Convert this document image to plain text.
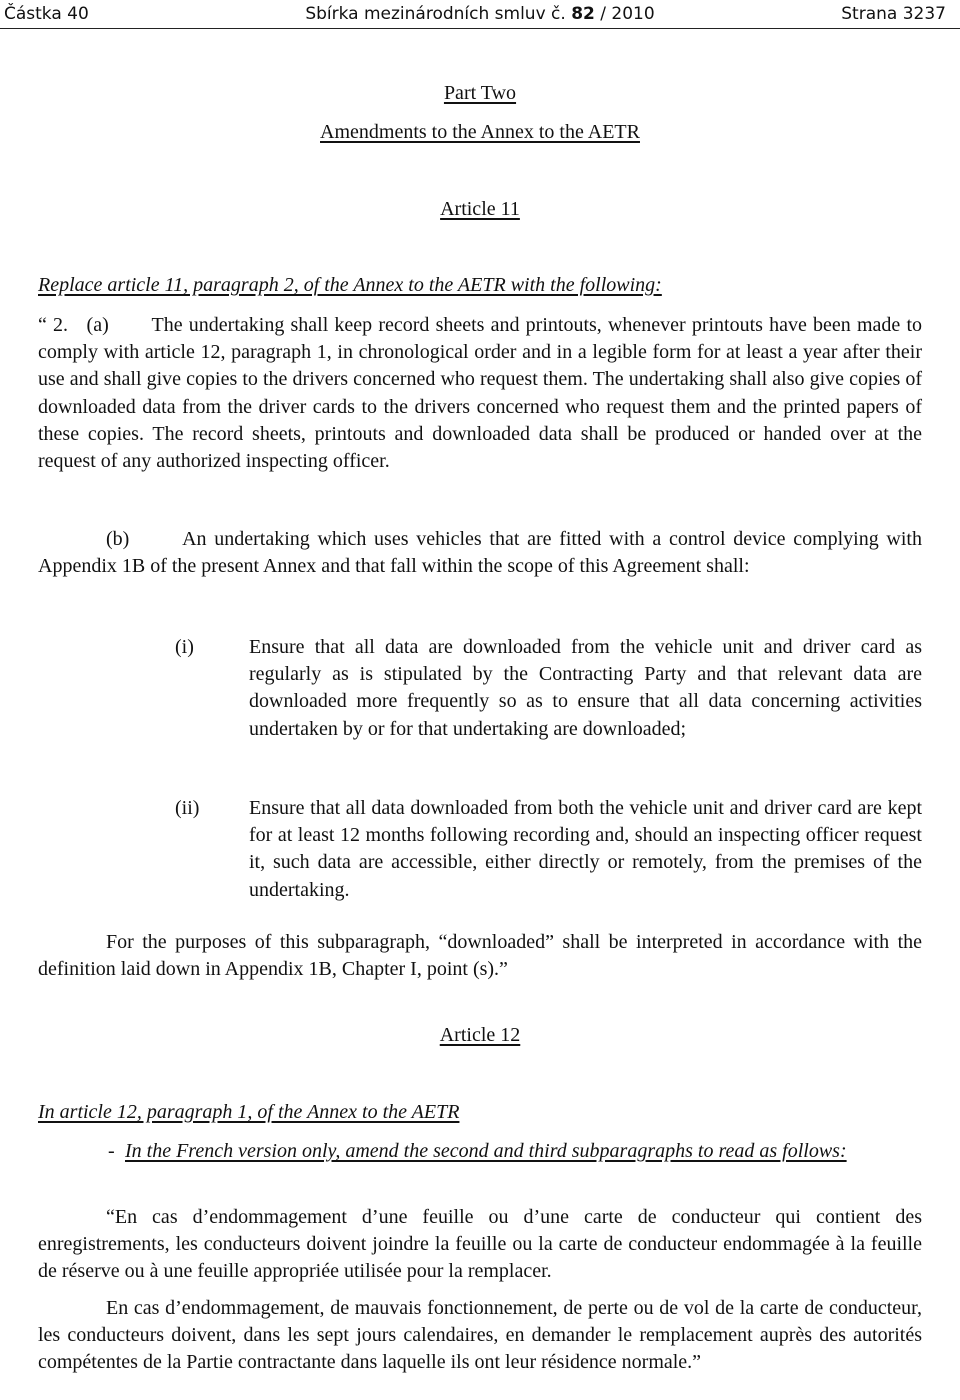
Částka 40	Sbírka mezinárodních smluv č. 82 / 2010	Strana 3237
Part Two
Amendments to the Annex to the AETR
Article 11
Replace article 11, paragraph 2, of the Annex to the AETR with the following:
“ 2.   (a)       The undertaking shall keep record sheets and printouts, whenever printouts have been made to comply with article 12, paragraph 1, in chronological order and in a legible form for at least a year after their use and shall give copies to the drivers concerned who request them. The undertaking shall also give copies of downloaded data from the driver cards to the drivers concerned who request them and the printed papers of these copies. The record sheets, printouts and downloaded data shall be produced or handed over at the request of any authorized inspecting officer.
(b)       An undertaking which uses vehicles that are fitted with a control device complying with Appendix 1B of the present Annex and that fall within the scope of this Agreement shall:
(i)	Ensure that all data are downloaded from the vehicle unit and driver card as regularly as is stipulated by the Contracting Party and that relevant data are downloaded more frequently so as to ensure that all data concerning activities undertaken by or for that undertaking are downloaded;
(ii) Ensure that all data downloaded from both the vehicle unit and driver card are kept for at least 12 months following recording and, should an inspecting officer request it, such data are accessible, either directly or remotely, from the premises of the undertaking.
For the purposes of this subparagraph, “downloaded” shall be interpreted in accordance with the definition laid down in Appendix 1B, Chapter I, point (s).”
Article 12
In article 12, paragraph 1, of the Annex to the AETR
- In the French version only, amend the second and third subparagraphs to read as follows:
“En cas d’endommagement d’une feuille ou d’une carte de conducteur qui contient des enregistrements, les conducteurs doivent joindre la feuille ou la carte de conducteur endommagée à la feuille de réserve ou à une feuille appropriée utilisée pour la remplacer.
En cas d’endommagement, de mauvais fonctionnement, de perte ou de vol de la carte de conducteur, les conducteurs doivent, dans les sept jours calendaires, en demander le remplacement auprès des autorités compétentes de la Partie contractante dans laquelle ils ont leur résidence normale.”
